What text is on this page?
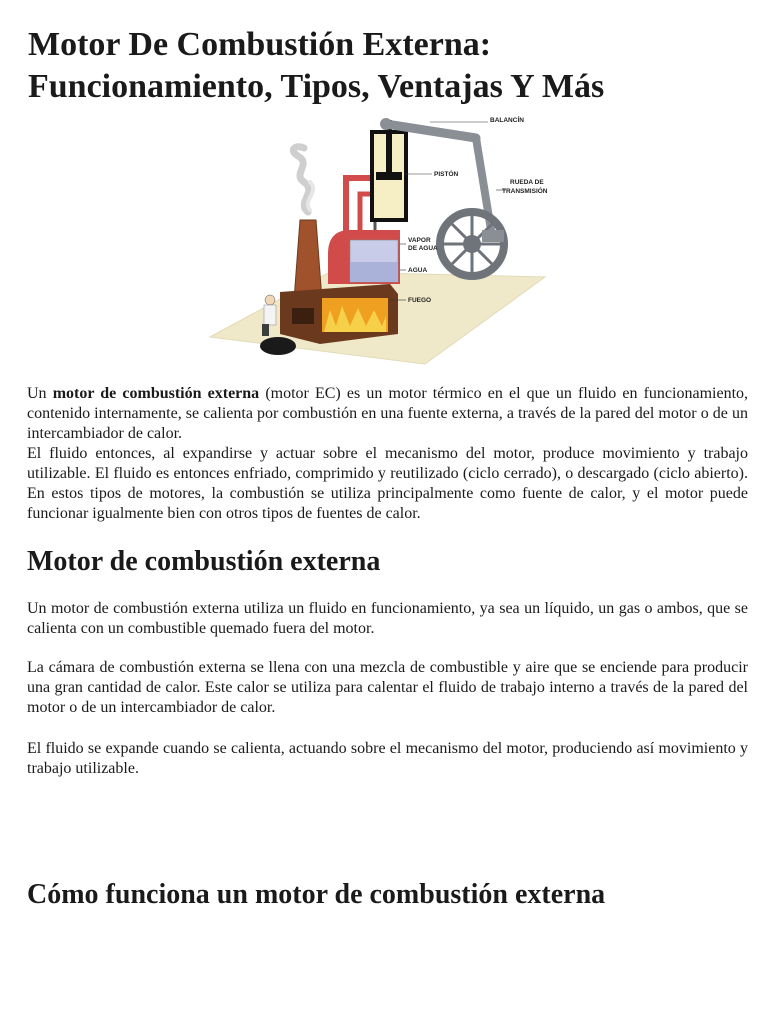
Motor De Combustión Externa:
Funcionamiento, Tipos, Ventajas Y Más
BALANCÍN
PISTÓN
RUEDA DE
TRANSMISIÓN
VAPOR
DE AGUA
AGUA
FUEGO

Un motor de combustión externa (motor EC) es un motor térmico en el que un fluido en funcionamiento, contenido internamente, se calienta por combustión en una fuente externa, a través de la pared del motor o de un intercambiador de calor.

El fluido entonces, al expandirse y actuar sobre el mecanismo del motor, produce movimiento y trabajo utilizable. El fluido es entonces enfriado, comprimido y reutilizado (ciclo cerrado), o descargado (ciclo abierto). En estos tipos de motores, la combustión se utiliza principalmente como fuente de calor, y el motor puede funcionar igualmente bien con otros tipos de fuentes de calor.

Motor de combustión externa

Un motor de combustión externa utiliza un fluido en funcionamiento, ya sea un líquido, un gas o ambos, que se calienta con un combustible quemado fuera del motor.

La cámara de combustión externa se llena con una mezcla de combustible y aire que se enciende para producir una gran cantidad de calor. Este calor se utiliza para calentar el fluido de trabajo interno a través de la pared del motor o de un intercambiador de calor.

El fluido se expande cuando se calienta, actuando sobre el mecanismo del motor, produciendo así movimiento y trabajo utilizable.

Cómo funciona un motor de combustión externa
